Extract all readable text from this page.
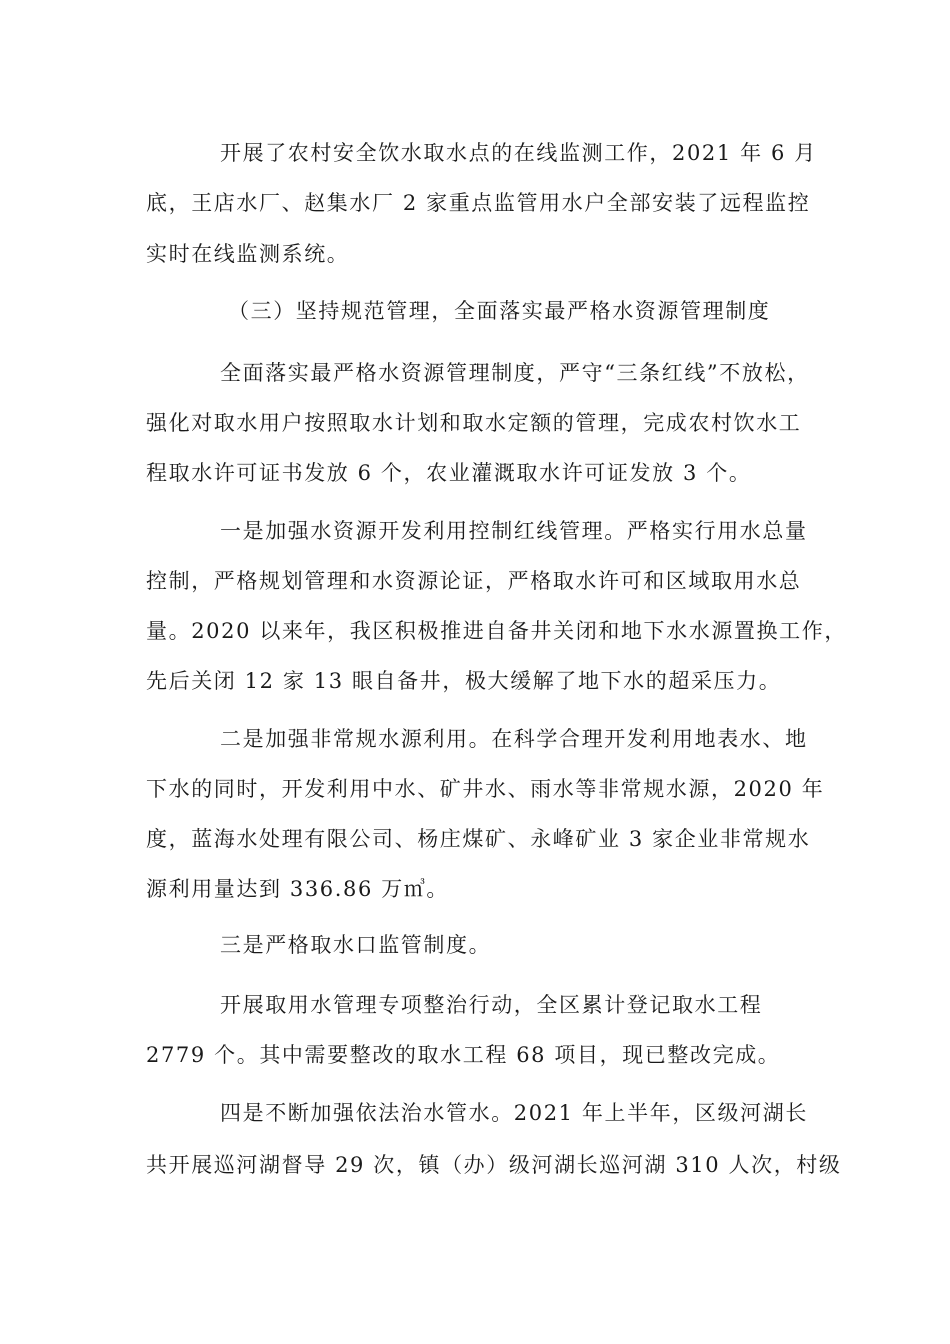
开展了农村安全饮水取水点的在线监测工作，2021 年 6 月
底，王店水厂、赵集水厂 2 家重点监管用水户全部安装了远程监控
实时在线监测系统。
（三）坚持规范管理，全面落实最严格水资源管理制度
全面落实最严格水资源管理制度，严守“三条红线”不放松，
强化对取水用户按照取水计划和取水定额的管理，完成农村饮水工
程取水许可证书发放 6 个，农业灌溉取水许可证发放 3 个。
一是加强水资源开发利用控制红线管理。严格实行用水总量
控制，严格规划管理和水资源论证，严格取水许可和区域取用水总
量。2020 以来年，我区积极推进自备井关闭和地下水水源置换工作，
先后关闭 12 家 13 眼自备井，极大缓解了地下水的超采压力。
二是加强非常规水源利用。在科学合理开发利用地表水、地
下水的同时，开发利用中水、矿井水、雨水等非常规水源，2020 年
度，蓝海水处理有限公司、杨庄煤矿、永峰矿业 3 家企业非常规水
源利用量达到 336.86 万㎥。
三是严格取水口监管制度。
开展取用水管理专项整治行动，全区累计登记取水工程
2779 个。其中需要整改的取水工程 68 项目，现已整改完成。
四是不断加强依法治水管水。2021 年上半年，区级河湖长
共开展巡河湖督导 29 次，镇（办）级河湖长巡河湖 310 人次，村级
